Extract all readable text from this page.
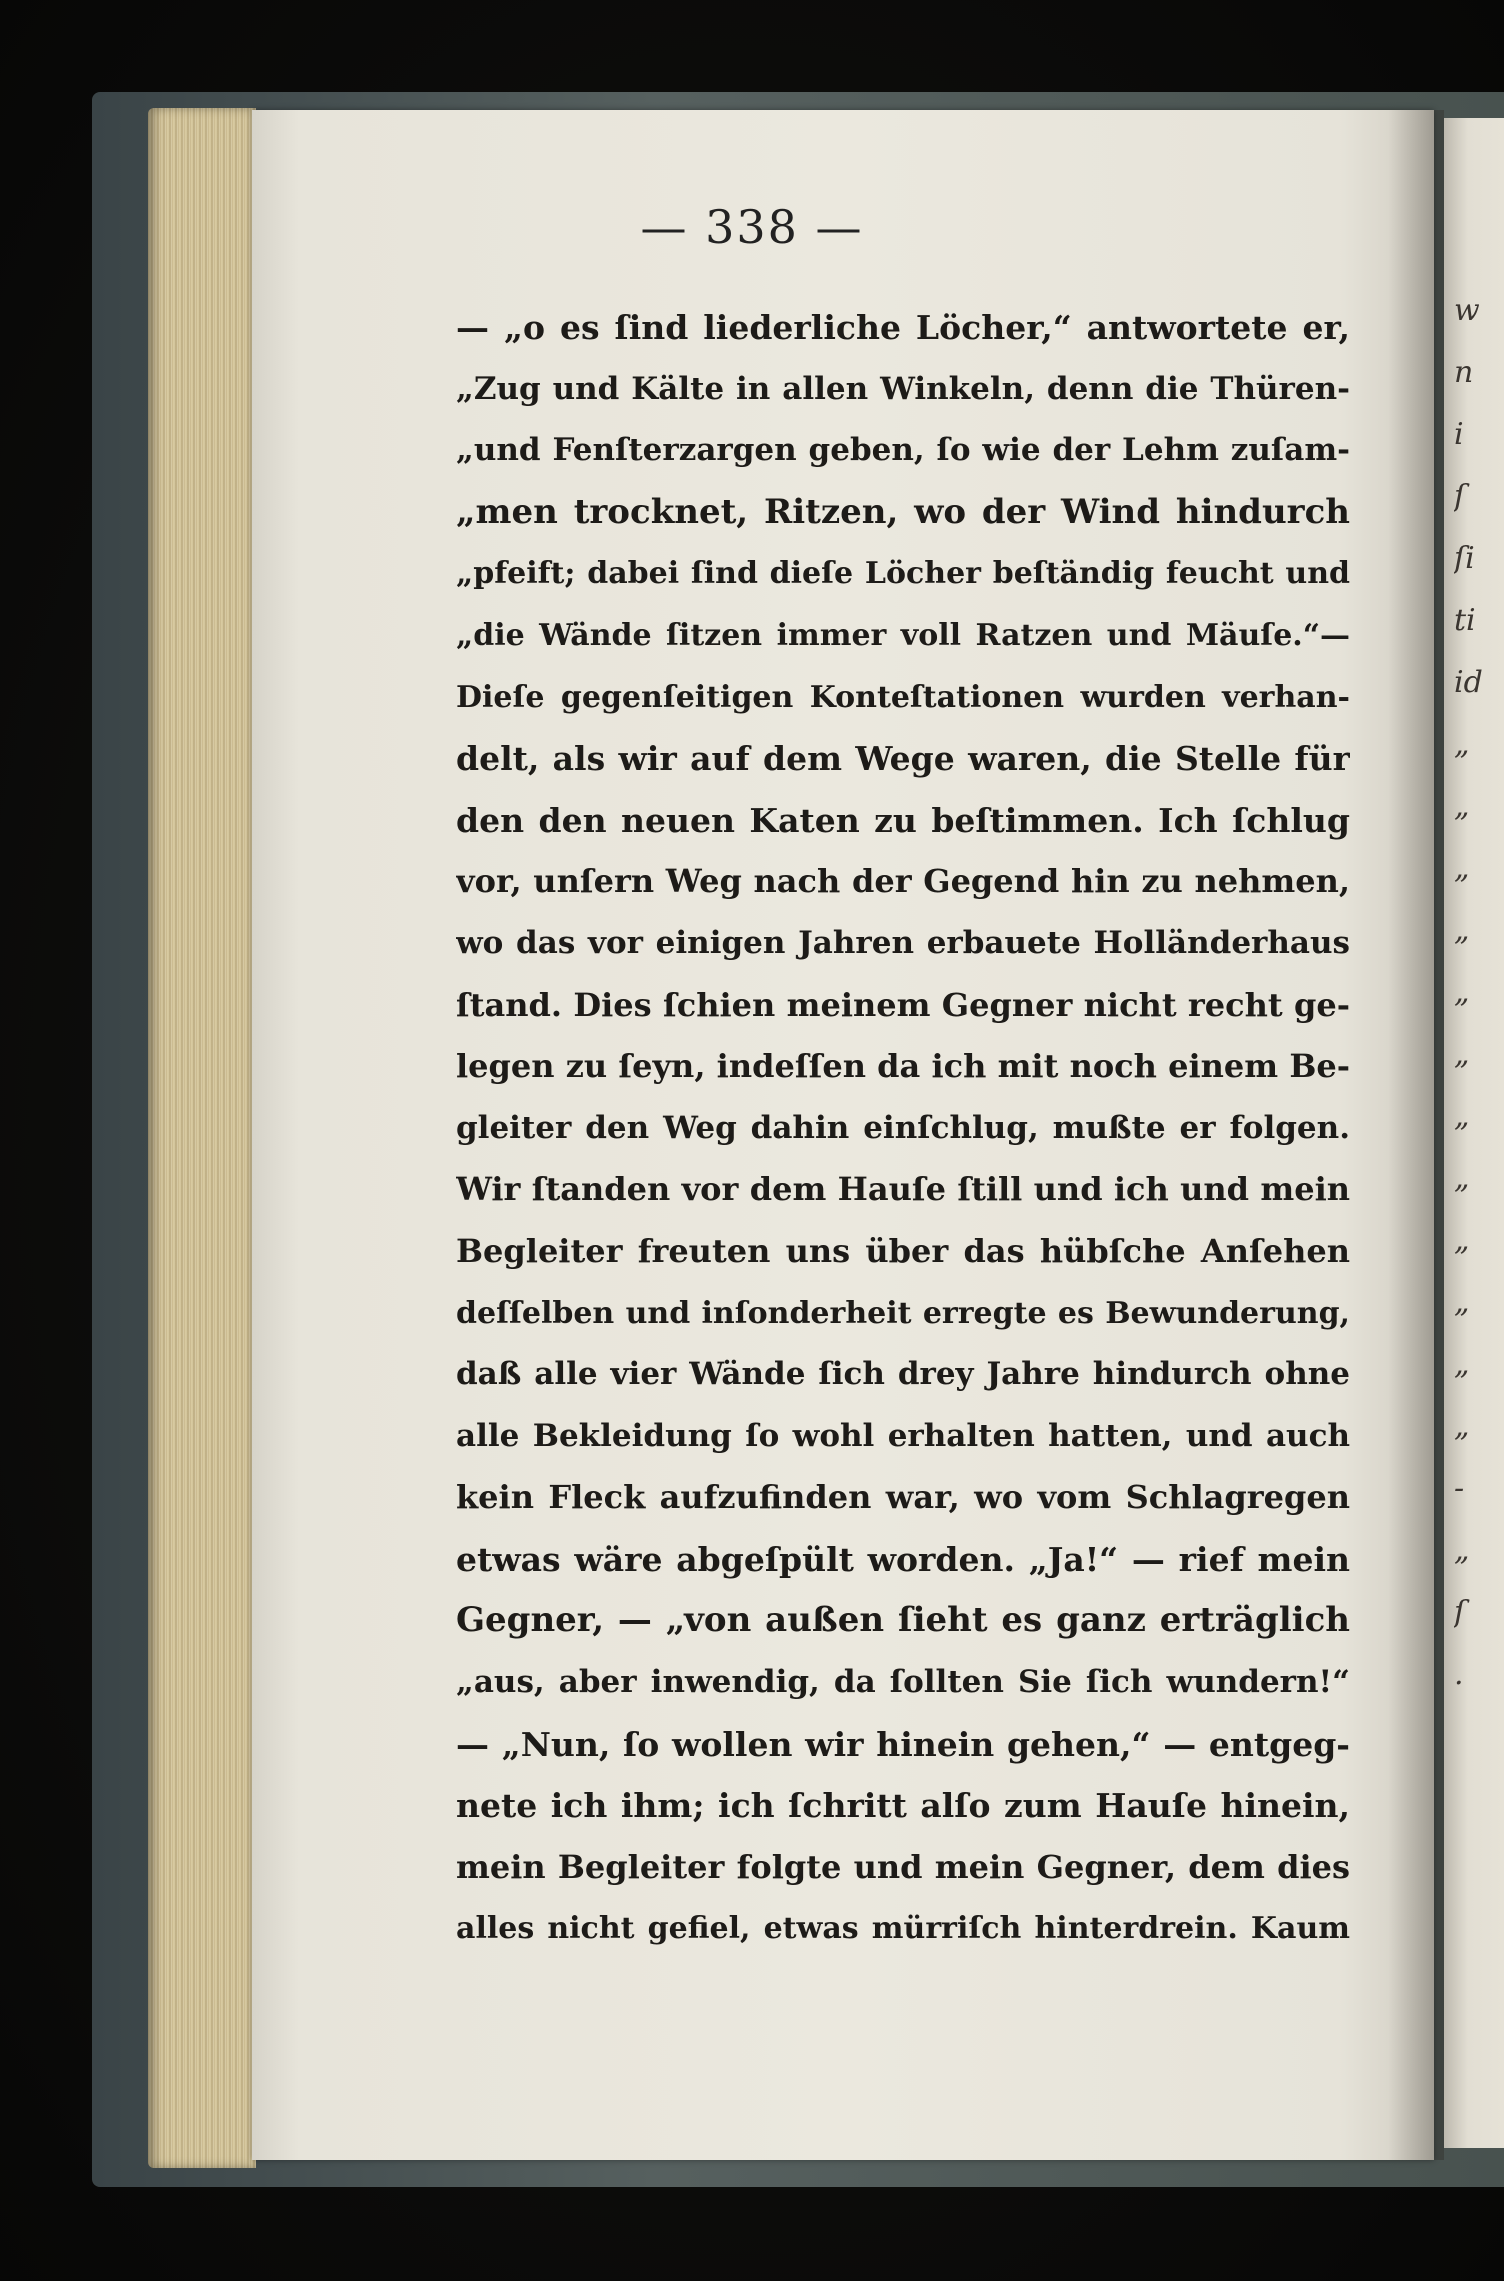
w
n
i
ſ
ſi
ti
id
„
„
„
„
„
„
„
„
„
„
„
„
-
„
ſ
.
— 338 —
— „o es ſind liederliche Löcher,“ antwortete er,
„Zug und Kälte in allen Winkeln, denn die Thüren-
„und Fenſterzargen geben, ſo wie der Lehm zuſam-
„men trocknet, Ritzen, wo der Wind hindurch
„pfeift; dabei ſind dieſe Löcher beſtändig feucht und
„die Wände ſitzen immer voll Ratzen und Mäuſe.“—
Dieſe gegenſeitigen Konteſtationen wurden verhan-
delt, als wir auf dem Wege waren, die Stelle für
den den neuen Katen zu beſtimmen. Ich ſchlug
vor, unſern Weg nach der Gegend hin zu nehmen,
wo das vor einigen Jahren erbauete Holländerhaus
ſtand. Dies ſchien meinem Gegner nicht recht ge-
legen zu ſeyn, indeſſen da ich mit noch einem Be-
gleiter den Weg dahin einſchlug, mußte er folgen.
Wir ſtanden vor dem Hauſe ſtill und ich und mein
Begleiter freuten uns über das hübſche Anſehen
deſſelben und inſonderheit erregte es Bewunderung,
daß alle vier Wände ſich drey Jahre hindurch ohne
alle Bekleidung ſo wohl erhalten hatten, und auch
kein Fleck aufzufinden war, wo vom Schlagregen
etwas wäre abgeſpült worden. „Ja!“ — rief mein
Gegner, — „von außen ſieht es ganz erträglich
„aus, aber inwendig, da ſollten Sie ſich wundern!“
— „Nun, ſo wollen wir hinein gehen,“ — entgeg-
nete ich ihm; ich ſchritt alſo zum Hauſe hinein,
mein Begleiter folgte und mein Gegner, dem dies
alles nicht gefiel, etwas mürriſch hinterdrein. Kaum
